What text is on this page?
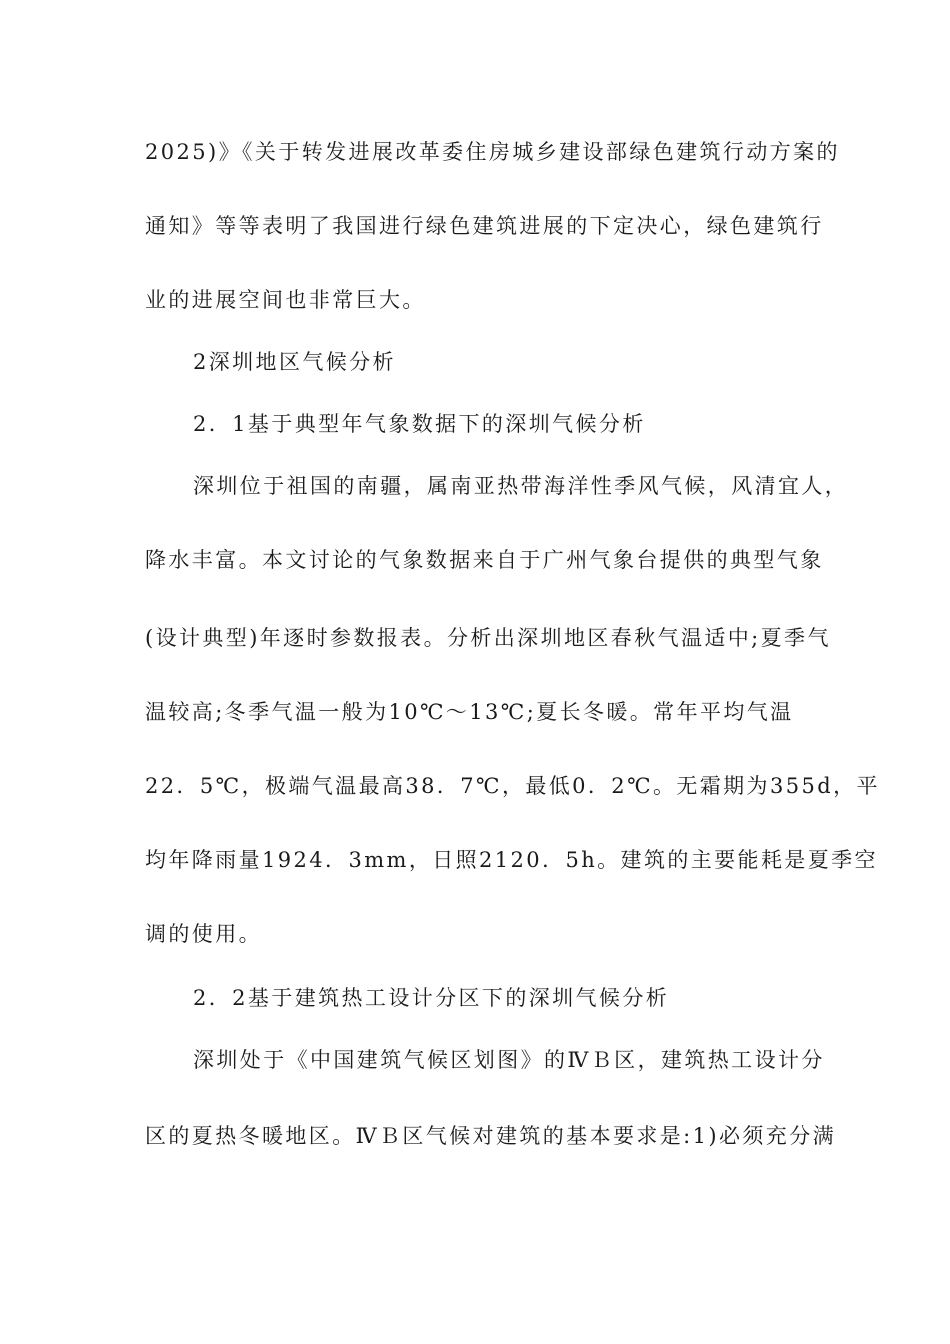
2025)》《关于转发进展改革委住房城乡建设部绿色建筑行动方案的
通知》等等表明了我国进行绿色建筑进展的下定决心，绿色建筑行
业的进展空间也非常巨大。
2深圳地区气候分析
2．1基于典型年气象数据下的深圳气候分析
深圳位于祖国的南疆，属南亚热带海洋性季风气候，风清宜人，
降水丰富。本文讨论的气象数据来自于广州气象台提供的典型气象
(设计典型)年逐时参数报表。分析出深圳地区春秋气温适中;夏季气
温较高;冬季气温一般为10℃～13℃;夏长冬暖。常年平均气温
22．5℃，极端气温最高38．7℃，最低0．2℃。无霜期为355d，平
均年降雨量1924．3mm，日照2120．5h。建筑的主要能耗是夏季空
调的使用。
2．2基于建筑热工设计分区下的深圳气候分析
深圳处于《中国建筑气候区划图》的ⅣＢ区，建筑热工设计分
区的夏热冬暖地区。ⅣＢ区气候对建筑的基本要求是:1)必须充分满
